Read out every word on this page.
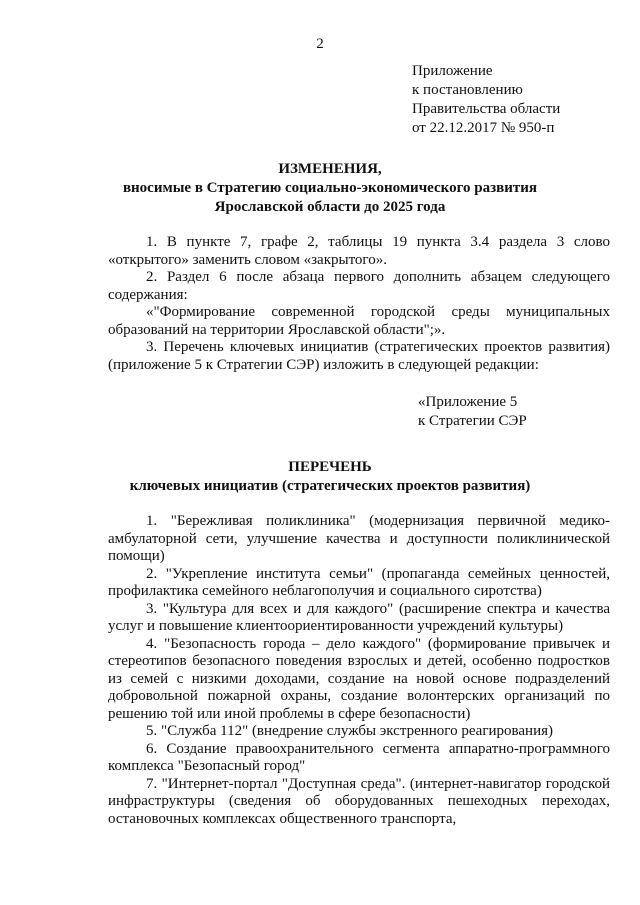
2
Приложение
к постановлению
Правительства области
от 22.12.2017 № 950-п
ИЗМЕНЕНИЯ,
вносимые в Стратегию социально-экономического развития
Ярославской области до 2025 года

1. В пункте 7, графе 2, таблицы 19 пункта 3.4 раздела 3 слово «открытого» заменить словом «закрытого».

2. Раздел 6 после абзаца первого дополнить абзацем следующего содержания:

«"Формирование современной городской среды муниципальных образований на территории Ярославской области";».

3. Перечень ключевых инициатив (стратегических проектов развития) (приложение 5 к Стратегии СЭР) изложить в следующей редакции:

«Приложение 5
к Стратегии СЭР
ПЕРЕЧЕНЬ
ключевых инициатив (стратегических проектов развития)

1. "Бережливая поликлиника" (модернизация первичной медико-амбулаторной сети, улучшение качества и доступности поликлинической помощи)

2. "Укрепление института семьи" (пропаганда семейных ценностей, профилактика семейного неблагополучия и социального сиротства)

3. "Культура для всех и для каждого" (расширение спектра и качества услуг и повышение клиентоориентированности учреждений культуры)

4. "Безопасность города – дело каждого" (формирование привычек и стереотипов безопасного поведения взрослых и детей, особенно подростков из семей с низкими доходами, создание на новой основе подразделений добровольной пожарной охраны, создание волонтерских организаций по решению той или иной проблемы в сфере безопасности)

5. "Служба 112" (внедрение службы экстренного реагирования)

6. Создание правоохранительного сегмента аппаратно-программного комплекса "Безопасный город"

7. "Интернет-портал "Доступная среда". (интернет-навигатор городской инфраструктуры (сведения об оборудованных пешеходных переходах, остановочных комплексах общественного транспорта,
